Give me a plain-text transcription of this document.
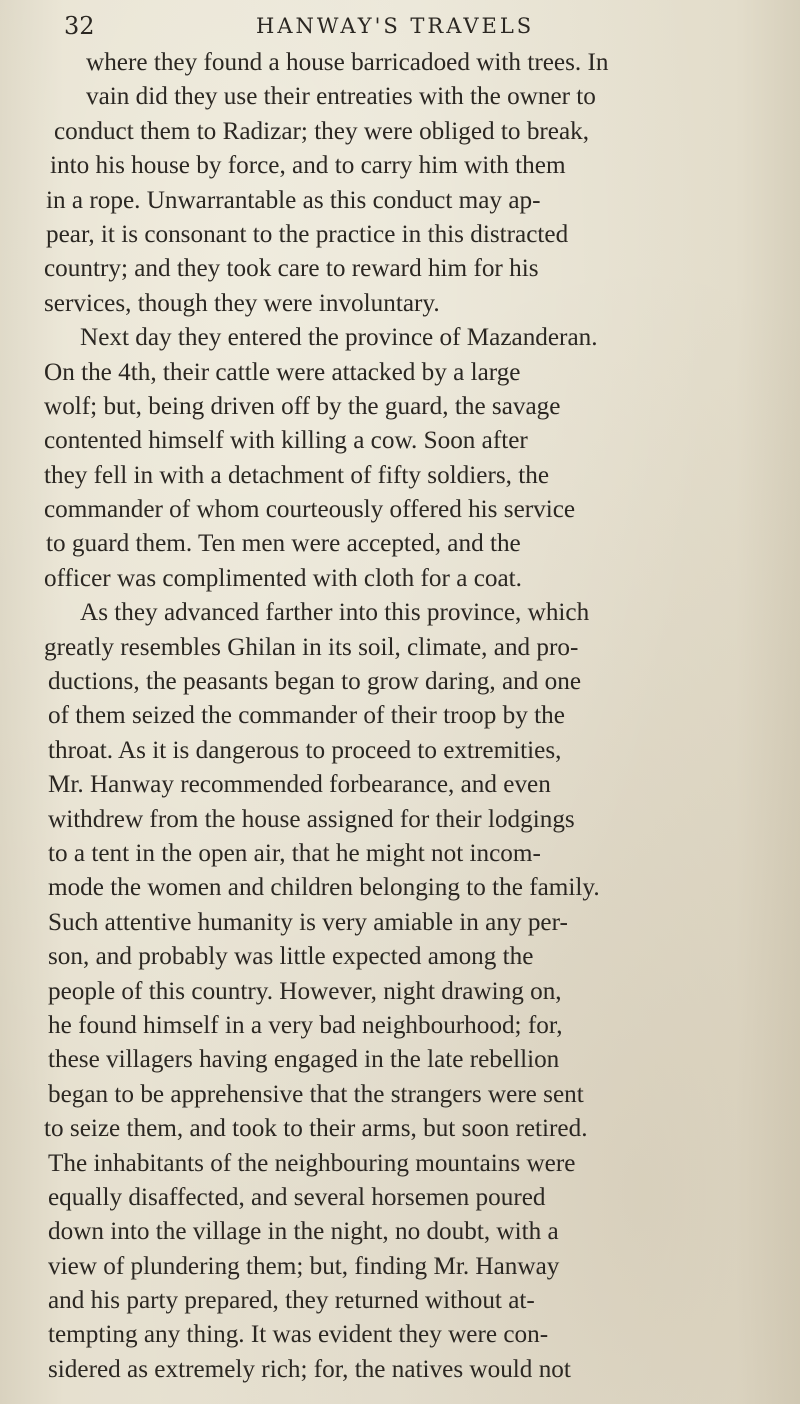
32	HANWAY'S TRAVELS
where they found a house barricadoed with trees. In
vain did they use their entreaties with the owner to
conduct them to Radizar; they were obliged to break,
into his house by force, and to carry him with them
in a rope. Unwarrantable as this conduct may ap-
pear, it is consonant to the practice in this distracted
country; and they took care to reward him for his
services, though they were involuntary.
Next day they entered the province of Mazanderan.
On the 4th, their cattle were attacked by a large
wolf; but, being driven off by the guard, the savage
contented himself with killing a cow. Soon after
they fell in with a detachment of fifty soldiers, the
commander of whom courteously offered his service
to guard them. Ten men were accepted, and the
officer was complimented with cloth for a coat.
As they advanced farther into this province, which
greatly resembles Ghilan in its soil, climate, and pro-
ductions, the peasants began to grow daring, and one
of them seized the commander of their troop by the
throat. As it is dangerous to proceed to extremities,
Mr. Hanway recommended forbearance, and even
withdrew from the house assigned for their lodgings
to a tent in the open air, that he might not incom-
mode the women and children belonging to the family.
Such attentive humanity is very amiable in any per-
son, and probably was little expected among the
people of this country. However, night drawing on,
he found himself in a very bad neighbourhood; for,
these villagers having engaged in the late rebellion
began to be apprehensive that the strangers were sent
to seize them, and took to their arms, but soon retired.
The inhabitants of the neighbouring mountains were
equally disaffected, and several horsemen poured
down into the village in the night, no doubt, with a
view of plundering them; but, finding Mr. Hanway
and his party prepared, they returned without at-
tempting any thing. It was evident they were con-
sidered as extremely rich; for, the natives would not
